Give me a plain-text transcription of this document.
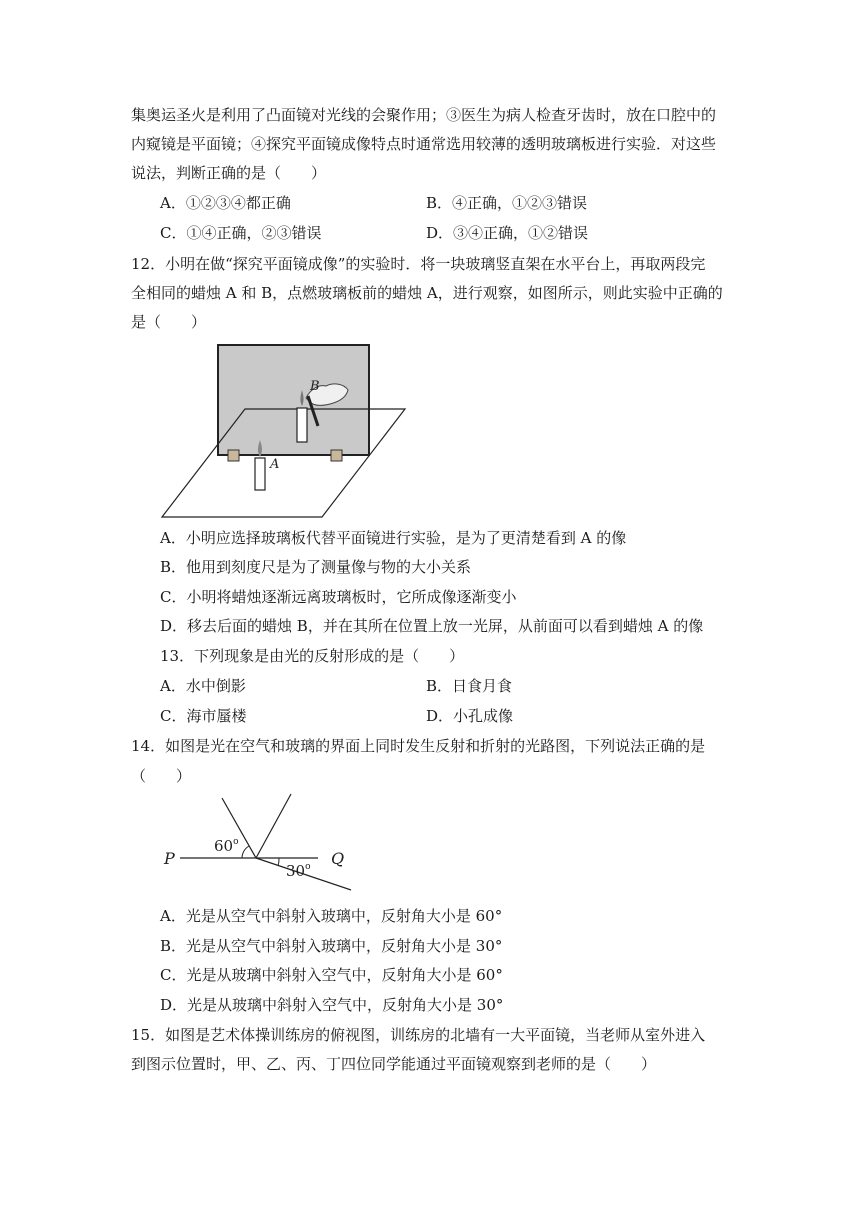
集奥运圣火是利用了凸面镜对光线的会聚作用；③医生为病人检查牙齿时，放在口腔中的
内窥镜是平面镜；④探究平面镜成像特点时通常选用较薄的透明玻璃板进行实验．对这些
说法，判断正确的是（　　）
A．①②③④都正确	B．④正确，①②③错误
C．①④正确，②③错误	D．③④正确，①②错误
12．小明在做“探究平面镜成像”的实验时．将一块玻璃竖直架在水平台上，再取两段完
全相同的蜡烛 A 和 B，点燃玻璃板前的蜡烛 A，进行观察，如图所示，则此实验中正确的
是（　　）
B
A
A．小明应选择玻璃板代替平面镜进行实验，是为了更清楚看到 A 的像
B．他用到刻度尺是为了测量像与物的大小关系
C．小明将蜡烛逐渐远离玻璃板时，它所成像逐渐变小
D．移去后面的蜡烛 B，并在其所在位置上放一光屏，从前面可以看到蜡烛 A 的像
13．下列现象是由光的反射形成的是（　　）
A．水中倒影	B．日食月食
C．海市蜃楼	D．小孔成像
14．如图是光在空气和玻璃的界面上同时发生反射和折射的光路图，下列说法正确的是
（　　）
P	Q
60$^o$
30$^o$
A．光是从空气中斜射入玻璃中，反射角大小是 60°
B．光是从空气中斜射入玻璃中，反射角大小是 30°
C．光是从玻璃中斜射入空气中，反射角大小是 60°
D．光是从玻璃中斜射入空气中，反射角大小是 30°
15．如图是艺术体操训练房的俯视图，训练房的北墙有一大平面镜，当老师从室外进入
到图示位置时，甲、乙、丙、丁四位同学能通过平面镜观察到老师的是（　　）
